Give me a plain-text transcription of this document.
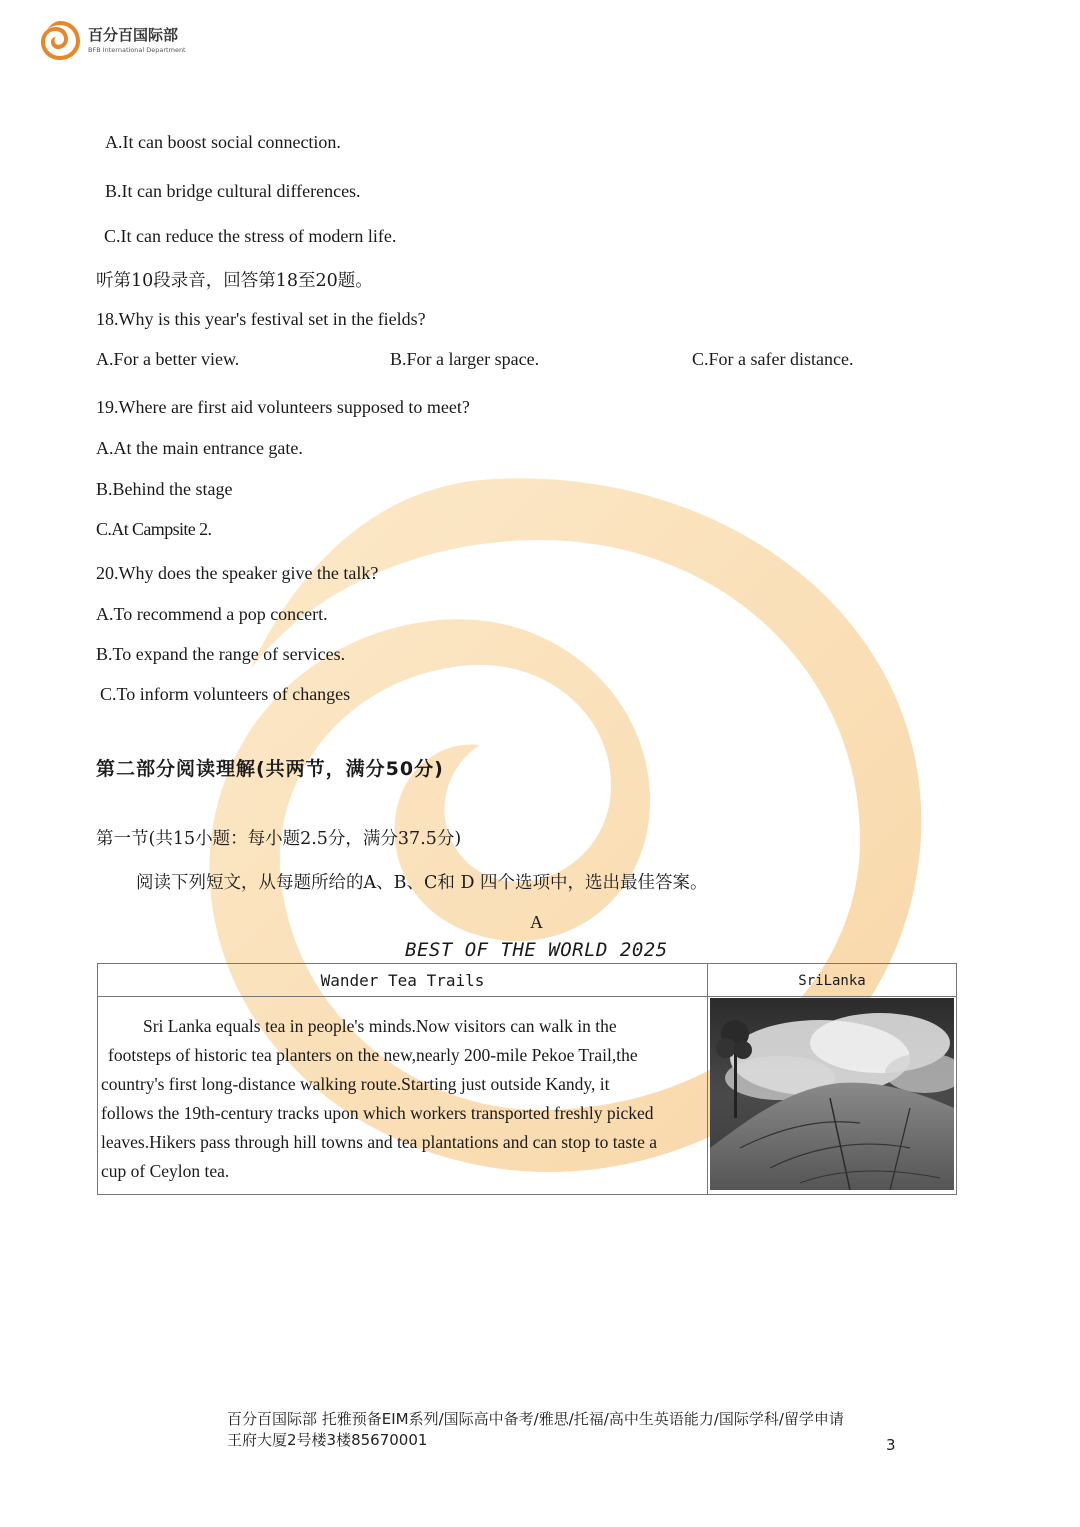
百分百国际部
BFB International Department
A.It can boost social connection.
B.It can bridge cultural differences.
C.It can reduce the stress of modern life.
听第10段录音，回答第18至20题。
18.Why is this year's festival set in the fields?
A.For a better view.	B.For a larger space.	C.For a safer distance.
19.Where are first aid volunteers supposed to meet?
A.At the main entrance gate.
B.Behind the stage
C.At Campsite 2.
20.Why does the speaker give the talk?
A.To recommend a pop concert.
B.To expand the range of services.
C.To inform volunteers of changes
第二部分阅读理解(共两节，满分50分)
第一节(共15小题：每小题2.5分，满分37.5分)
阅读下列短文，从每题所给的A、B、C和 D 四个选项中，选出最佳答案。
A
BEST OF THE WORLD 2025
Wander Tea Trails	SriLanka
Sri Lanka equals tea in people's minds.Now visitors can walk in the
footsteps of historic tea planters on the new,nearly 200-mile Pekoe Trail,the
country's first long-distance walking route.Starting just outside Kandy, it
follows the 19th-century tracks upon which workers transported freshly picked
leaves.Hikers pass through hill towns and tea plantations and can stop to taste a
cup of Ceylon tea.
百分百国际部 托雅预备EIM系列/国际高中备考/雅思/托福/高中生英语能力/国际学科/留学申请
王府大厦2号楼3楼85670001	3
